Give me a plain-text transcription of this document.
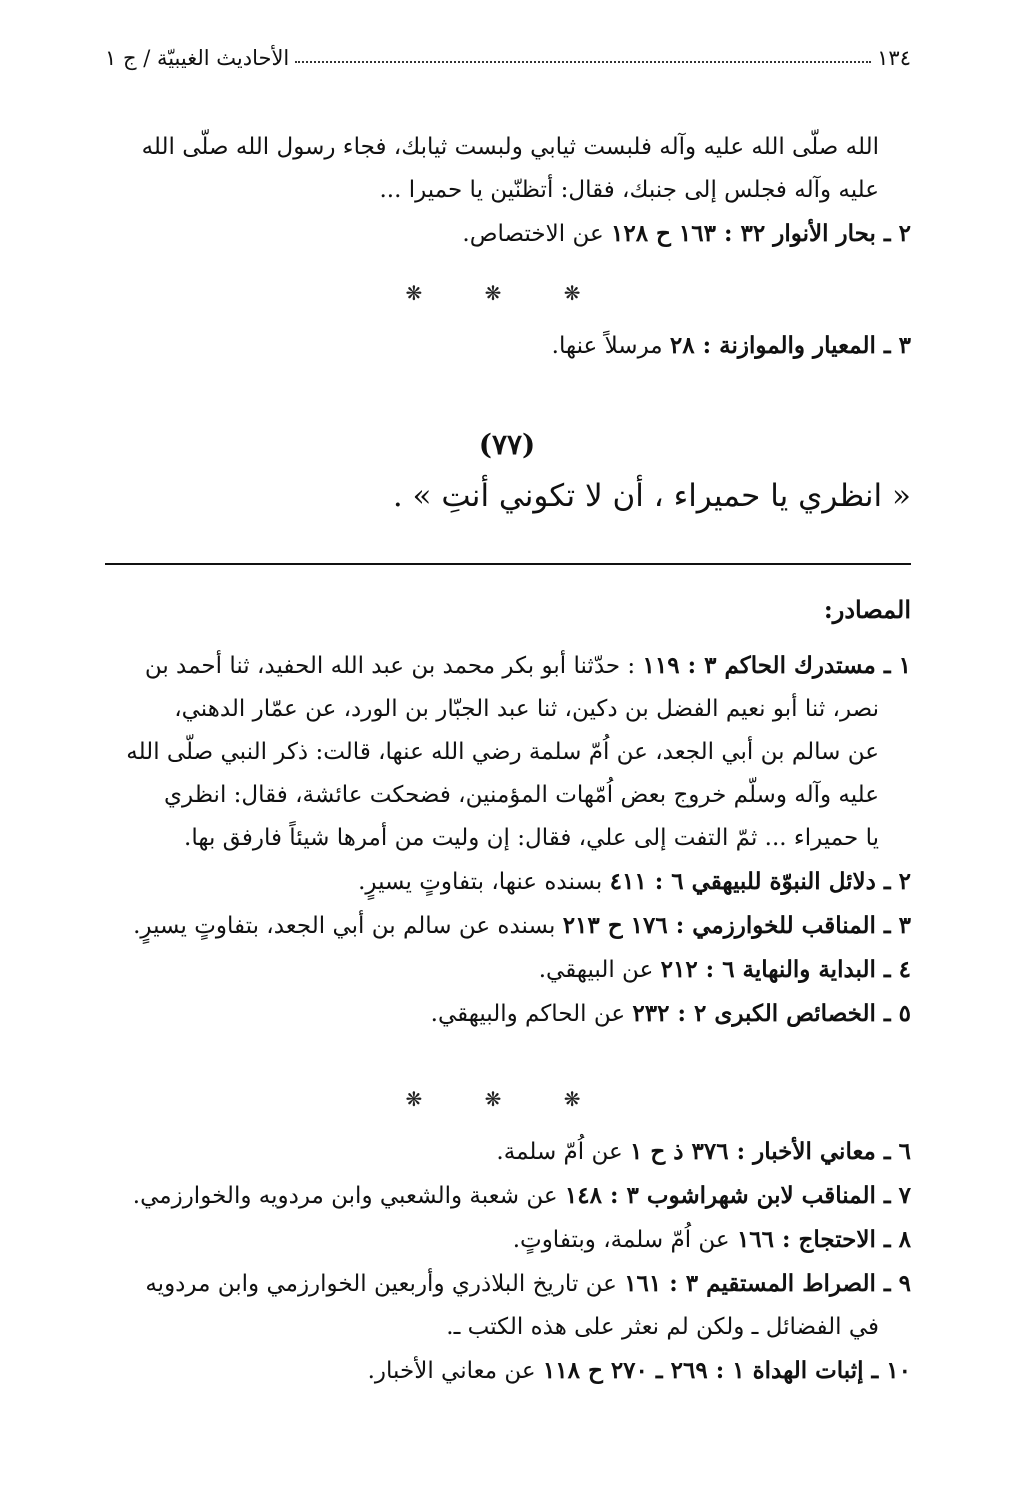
١٣٤
الأحاديث الغيبيّة / ج ١
الله صلّى الله عليه وآله فلبست ثيابي ولبست ثيابك، فجاء رسول الله صلّى الله
عليه وآله فجلس إلى جنبك، فقال: أتظنّين يا حميرا ...
٢ ـ بحار الأنوار ٣٢ : ١٦٣ ح ١٢٨ عن الاختصاص.
❋ ❋ ❋
٣ ـ المعيار والموازنة : ٢٨ مرسلاً عنها.
(٧٧)
« انظري يا حميراء ، أن لا تكوني أنتِ » .
المصادر:
١ ـ مستدرك الحاكم ٣ : ١١٩ : حدّثنا أبو بكر محمد بن عبد الله الحفيد، ثنا أحمد بن
نصر، ثنا أبو نعيم الفضل بن دكين، ثنا عبد الجبّار بن الورد، عن عمّار الدهني،
عن سالم بن أبي الجعد، عن اُمّ سلمة رضي الله عنها، قالت: ذكر النبي صلّى الله
عليه وآله وسلّم خروج بعض اُمّهات المؤمنين، فضحكت عائشة، فقال: انظري
يا حميراء ... ثمّ التفت إلى علي، فقال: إن وليت من أمرها شيئاً فارفق بها.
٢ ـ دلائل النبوّة للبيهقي ٦ : ٤١١ بسنده عنها، بتفاوتٍ يسيرٍ.
٣ ـ المناقب للخوارزمي : ١٧٦ ح ٢١٣ بسنده عن سالم بن أبي الجعد، بتفاوتٍ يسيرٍ.
٤ ـ البداية والنهاية ٦ : ٢١٢ عن البيهقي.
٥ ـ الخصائص الكبرى ٢ : ٢٣٢ عن الحاكم والبيهقي.
❋ ❋ ❋
٦ ـ معاني الأخبار : ٣٧٦ ذ ح ١ عن اُمّ سلمة.
٧ ـ المناقب لابن شهراشوب ٣ : ١٤٨ عن شعبة والشعبي وابن مردويه والخوارزمي.
٨ ـ الاحتجاج : ١٦٦ عن اُمّ سلمة، وبتفاوتٍ.
٩ ـ الصراط المستقيم ٣ : ١٦١ عن تاريخ البلاذري وأربعين الخوارزمي وابن مردويه
في الفضائل ـ ولكن لم نعثر على هذه الكتب ـ.
١٠ ـ إثبات الهداة ١ : ٢٦٩ ـ ٢٧٠ ح ١١٨ عن معاني الأخبار.
